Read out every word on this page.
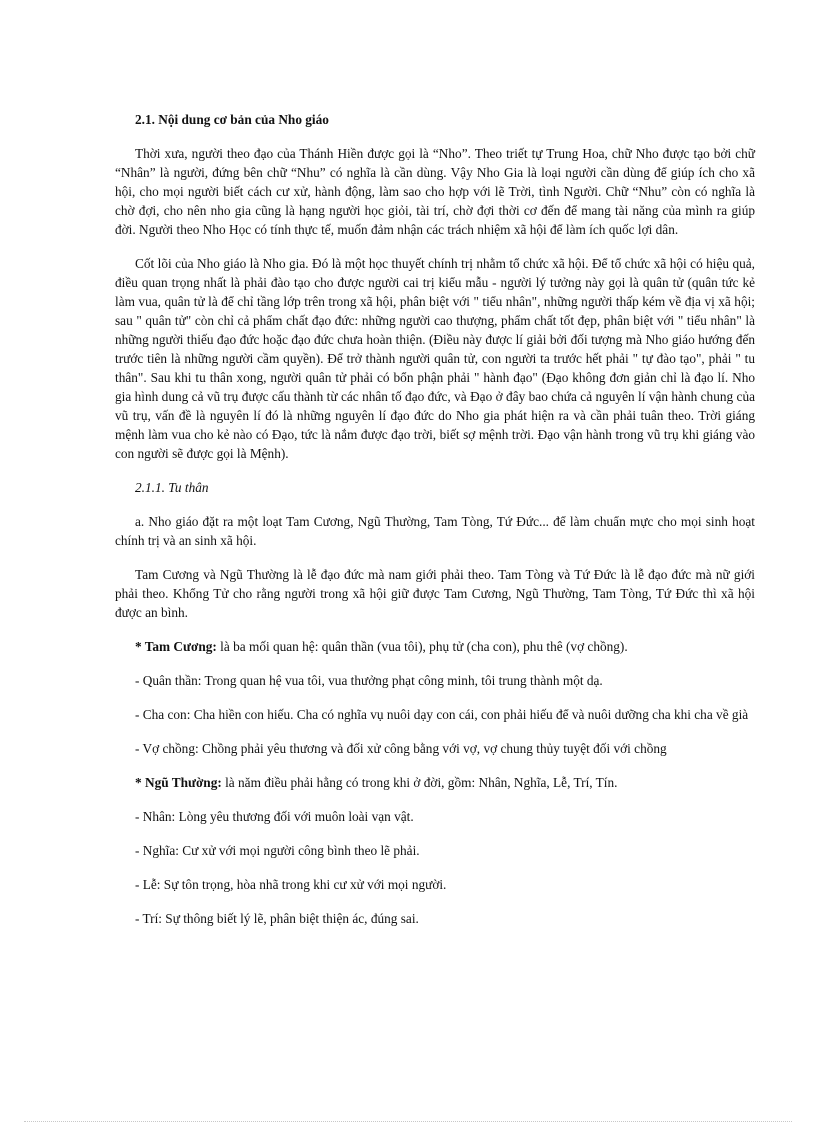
2.1. Nội dung cơ bản của Nho giáo

Thời xưa, người theo đạo của Thánh Hiền được gọi là “Nho”. Theo triết tự Trung Hoa, chữ Nho được tạo bởi chữ “Nhân” là người, đứng bên chữ “Nhu” có nghĩa là cần dùng. Vậy Nho Gia là loại người cần dùng để giúp ích cho xã hội, cho mọi người biết cách cư xử, hành động, làm sao cho hợp với lẽ Trời, tình Người. Chữ “Nhu” còn có nghĩa là chờ đợi, cho nên nho gia cũng là hạng người học giỏi, tài trí, chờ đợi thời cơ đến để mang tài năng của mình ra giúp đời. Người theo Nho Học có tính thực tế, muốn đảm nhận các trách nhiệm xã hội để làm ích quốc lợi dân.

Cốt lõi của Nho giáo là Nho gia. Đó là một học thuyết chính trị nhằm tổ chức xã hội. Để tổ chức xã hội có hiệu quả, điều quan trọng nhất là phải đào tạo cho được người cai trị kiểu mẫu - người lý tưởng này gọi là quân tử (quân tức kẻ làm vua, quân tử là để chỉ tầng lớp trên trong xã hội, phân biệt với " tiểu nhân", những người thấp kém về địa vị xã hội; sau " quân tử" còn chỉ cả phẩm chất đạo đức: những người cao thượng, phẩm chất tốt đẹp, phân biệt với " tiểu nhân" là những người thiếu đạo đức hoặc đạo đức chưa hoàn thiện. (Điều này được lí giải bởi đối tượng mà Nho giáo hướng đến trước tiên là những người cầm quyền). Để trở thành người quân tử, con người ta trước hết phải " tự đào tạo", phải " tu thân". Sau khi tu thân xong, người quân tử phải có bổn phận phải " hành đạo" (Đạo không đơn giản chỉ là đạo lí. Nho gia hình dung cả vũ trụ được cấu thành từ các nhân tố đạo đức, và Đạo ở đây bao chứa cả nguyên lí vận hành chung của vũ trụ, vấn đề là nguyên lí đó là những nguyên lí đạo đức do Nho gia phát hiện ra và cần phải tuân theo. Trời giáng mệnh làm vua cho kẻ nào có Đạo, tức là nắm được đạo trời, biết sợ mệnh trời. Đạo vận hành trong vũ trụ khi giáng vào con người sẽ được gọi là Mệnh).

2.1.1. Tu thân

a. Nho giáo đặt ra một loạt Tam Cương, Ngũ Thường, Tam Tòng, Tứ Đức... để làm chuẩn mực cho mọi sinh hoạt chính trị và an sinh xã hội.

Tam Cương và Ngũ Thường là lễ đạo đức mà nam giới phải theo. Tam Tòng và Tứ Đức là lễ đạo đức mà nữ giới phải theo. Khổng Tử cho rằng người trong xã hội giữ được Tam Cương, Ngũ Thường, Tam Tòng, Tứ Đức thì xã hội được an bình.

* Tam Cương: là ba mối quan hệ: quân thần (vua tôi), phụ tử (cha con), phu thê (vợ chồng).

- Quân thần: Trong quan hệ vua tôi, vua thưởng phạt công minh, tôi trung thành một dạ.

- Cha con: Cha hiền con hiếu. Cha có nghĩa vụ nuôi dạy con cái, con phải hiếu để và nuôi dưỡng cha khi cha về già

- Vợ chồng: Chồng phải yêu thương và đối xử công bằng với vợ, vợ chung thủy tuyệt đối với chồng

* Ngũ Thường: là năm điều phải hằng có trong khi ở đời, gồm: Nhân, Nghĩa, Lễ, Trí, Tín.

- Nhân: Lòng yêu thương đối với muôn loài vạn vật.

- Nghĩa: Cư xử với mọi người công bình theo lẽ phải.

- Lễ: Sự tôn trọng, hòa nhã trong khi cư xử với mọi người.

- Trí: Sự thông biết lý lẽ, phân biệt thiện ác, đúng sai.
